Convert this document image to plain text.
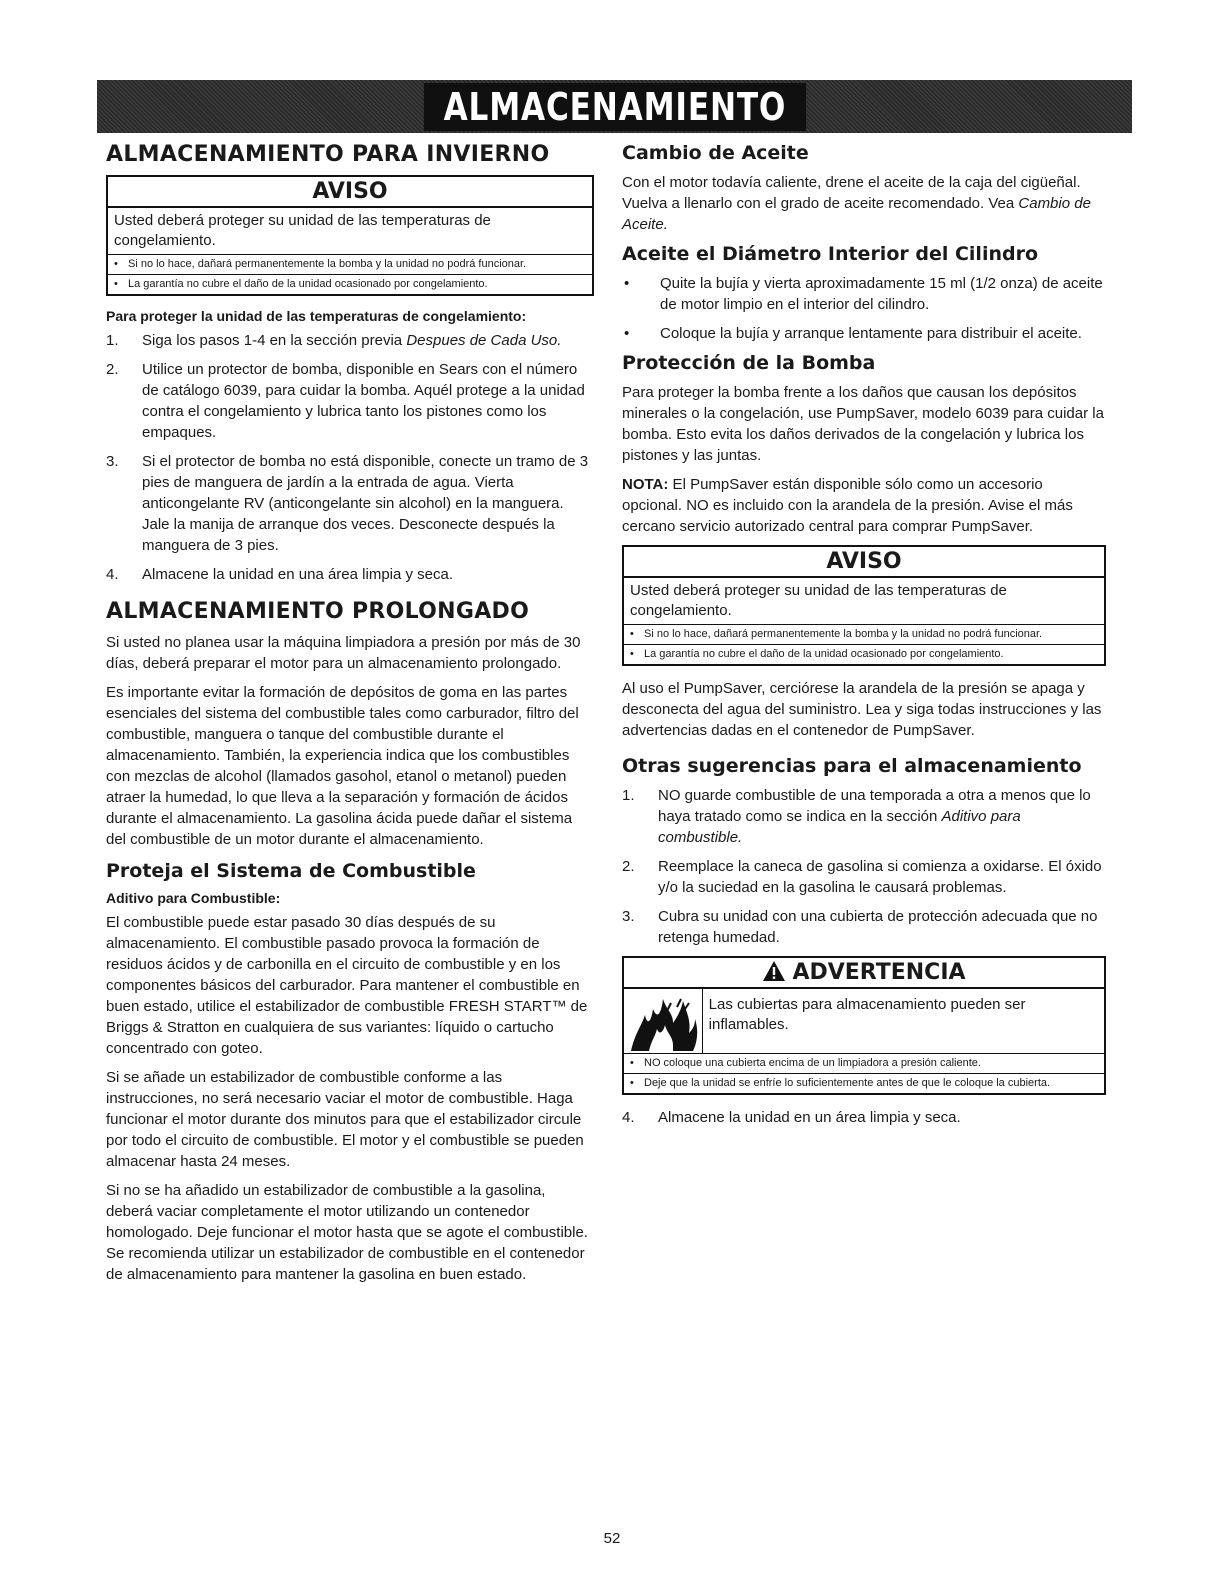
ALMACENAMIENTO
ALMACENAMIENTO PARA INVIERNO
AVISO
Usted deberá proteger su unidad de las temperaturas de congelamiento.
• Si no lo hace, dañará permanentemente la bomba y la unidad no podrá funcionar.
• La garantía no cubre el daño de la unidad ocasionado por congelamiento.
Para proteger la unidad de las temperaturas de congelamiento:
1.	Siga los pasos 1-4 en la sección previa Despues de Cada Uso.
2.	Utilice un protector de bomba, disponible en Sears con el número de catálogo 6039, para cuidar la bomba. Aquél protege a la unidad contra el congelamiento y lubrica tanto los pistones como los empaques.
3.	Si el protector de bomba no está disponible, conecte un tramo de 3 pies de manguera de jardín a la entrada de agua. Vierta anticongelante RV (anticongelante sin alcohol) en la manguera. Jale la manija de arranque dos veces. Desconecte después la manguera de 3 pies.
4.	Almacene la unidad en una área limpia y seca.
ALMACENAMIENTO PROLONGADO

Si usted no planea usar la máquina limpiadora a presión por más de 30 días, deberá preparar el motor para un almacenamiento prolongado.

Es importante evitar la formación de depósitos de goma en las partes esenciales del sistema del combustible tales como carburador, filtro del combustible, manguera o tanque del combustible durante el almacenamiento. También, la experiencia indica que los combustibles con mezclas de alcohol (llamados gasohol, etanol o metanol) pueden atraer la humedad, lo que lleva a la separación y formación de ácidos durante el almacenamiento. La gasolina ácida puede dañar el sistema del combustible de un motor durante el almacenamiento.

Proteja el Sistema de Combustible
Aditivo para Combustible:

El combustible puede estar pasado 30 días después de su almacenamiento. El combustible pasado provoca la formación de residuos ácidos y de carbonilla en el circuito de combustible y en los componentes básicos del carburador. Para mantener el combustible en buen estado, utilice el estabilizador de combustible FRESH START™ de Briggs & Stratton en cualquiera de sus variantes: líquido o cartucho concentrado con goteo.

Si se añade un estabilizador de combustible conforme a las instrucciones, no será necesario vaciar el motor de combustible. Haga funcionar el motor durante dos minutos para que el estabilizador circule por todo el circuito de combustible. El motor y el combustible se pueden almacenar hasta 24 meses.

Si no se ha añadido un estabilizador de combustible a la gasolina, deberá vaciar completamente el motor utilizando un contenedor homologado. Deje funcionar el motor hasta que se agote el combustible. Se recomienda utilizar un estabilizador de combustible en el contenedor de almacenamiento para mantener la gasolina en buen estado.

Cambio de Aceite

Con el motor todavía caliente, drene el aceite de la caja del cigüeñal. Vuelva a llenarlo con el grado de aceite recomendado. Vea Cambio de Aceite.

Aceite el Diámetro Interior del Cilindro
•	Quite la bujía y vierta aproximadamente 15 ml (1/2 onza) de aceite de motor limpio en el interior del cilindro.
•	Coloque la bujía y arranque lentamente para distribuir el aceite.
Protección de la Bomba

Para proteger la bomba frente a los daños que causan los depósitos minerales o la congelación, use PumpSaver, modelo 6039 para cuidar la bomba. Esto evita los daños derivados de la congelación y lubrica los pistones y las juntas.

NOTA: El PumpSaver están disponible sólo como un accesorio opcional. NO es incluido con la arandela de la presión. Avise el más cercano servicio autorizado central para comprar PumpSaver.

AVISO
Usted deberá proteger su unidad de las temperaturas de congelamiento.
• Si no lo hace, dañará permanentemente la bomba y la unidad no podrá funcionar.
• La garantía no cubre el daño de la unidad ocasionado por congelamiento.

Al uso el PumpSaver, cerciórese la arandela de la presión se apaga y desconecta del agua del suministro. Lea y siga todas instrucciones y las advertencias dadas en el contenedor de PumpSaver.

Otras sugerencias para el almacenamiento
1.	NO guarde combustible de una temporada a otra a menos que lo haya tratado como se indica en la sección Aditivo para combustible.
2.	Reemplace la caneca de gasolina si comienza a oxidarse. El óxido y/o la suciedad en la gasolina le causará problemas.
3.	Cubra su unidad con una cubierta de protección adecuada que no retenga humedad.
ADVERTENCIA
Las cubiertas para almacenamiento pueden ser inflamables.
• NO coloque una cubierta encima de un limpiadora a presión caliente.
• Deje que la unidad se enfríe lo suficientemente antes de que le coloque la cubierta.
4.	Almacene la unidad en un área limpia y seca.
52
